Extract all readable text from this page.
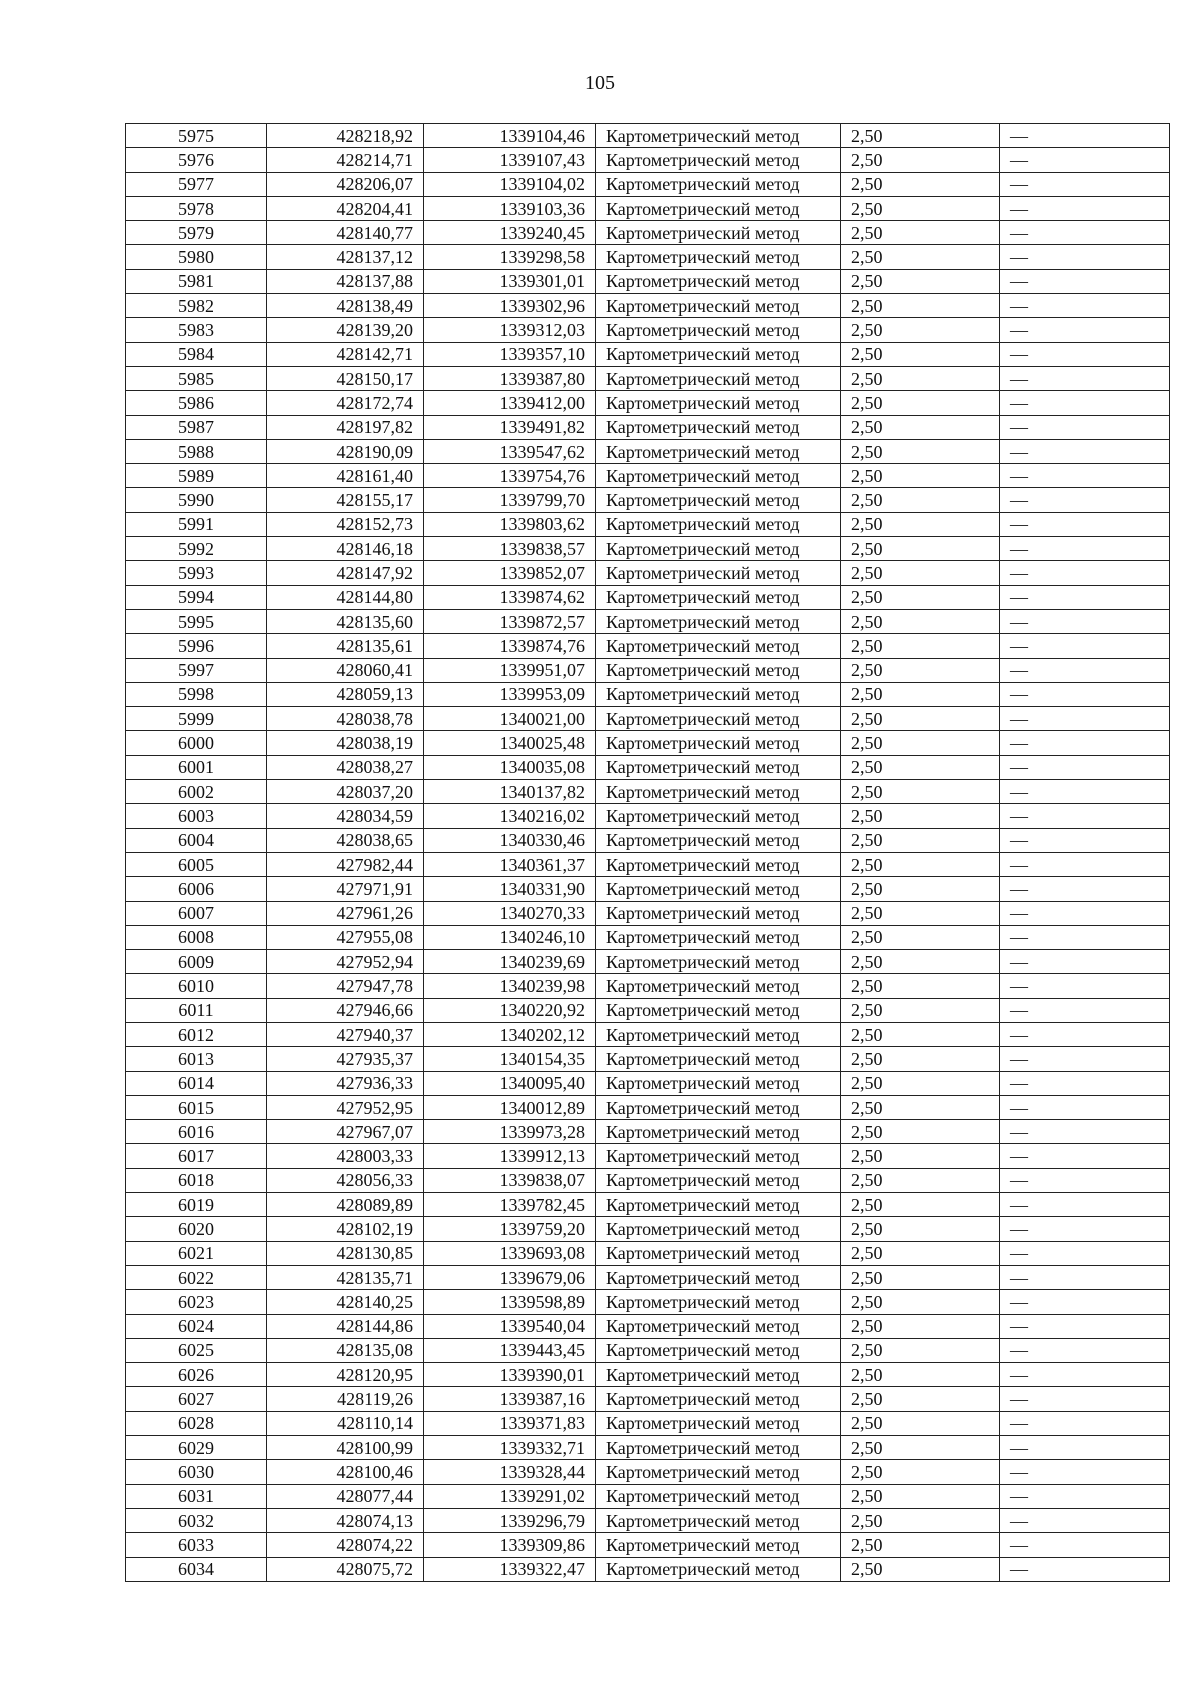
105
5975	428218,92	1339104,46	Картометрический метод	2,50	—
5976	428214,71	1339107,43	Картометрический метод	2,50	—
5977	428206,07	1339104,02	Картометрический метод	2,50	—
5978	428204,41	1339103,36	Картометрический метод	2,50	—
5979	428140,77	1339240,45	Картометрический метод	2,50	—
5980	428137,12	1339298,58	Картометрический метод	2,50	—
5981	428137,88	1339301,01	Картометрический метод	2,50	—
5982	428138,49	1339302,96	Картометрический метод	2,50	—
5983	428139,20	1339312,03	Картометрический метод	2,50	—
5984	428142,71	1339357,10	Картометрический метод	2,50	—
5985	428150,17	1339387,80	Картометрический метод	2,50	—
5986	428172,74	1339412,00	Картометрический метод	2,50	—
5987	428197,82	1339491,82	Картометрический метод	2,50	—
5988	428190,09	1339547,62	Картометрический метод	2,50	—
5989	428161,40	1339754,76	Картометрический метод	2,50	—
5990	428155,17	1339799,70	Картометрический метод	2,50	—
5991	428152,73	1339803,62	Картометрический метод	2,50	—
5992	428146,18	1339838,57	Картометрический метод	2,50	—
5993	428147,92	1339852,07	Картометрический метод	2,50	—
5994	428144,80	1339874,62	Картометрический метод	2,50	—
5995	428135,60	1339872,57	Картометрический метод	2,50	—
5996	428135,61	1339874,76	Картометрический метод	2,50	—
5997	428060,41	1339951,07	Картометрический метод	2,50	—
5998	428059,13	1339953,09	Картометрический метод	2,50	—
5999	428038,78	1340021,00	Картометрический метод	2,50	—
6000	428038,19	1340025,48	Картометрический метод	2,50	—
6001	428038,27	1340035,08	Картометрический метод	2,50	—
6002	428037,20	1340137,82	Картометрический метод	2,50	—
6003	428034,59	1340216,02	Картометрический метод	2,50	—
6004	428038,65	1340330,46	Картометрический метод	2,50	—
6005	427982,44	1340361,37	Картометрический метод	2,50	—
6006	427971,91	1340331,90	Картометрический метод	2,50	—
6007	427961,26	1340270,33	Картометрический метод	2,50	—
6008	427955,08	1340246,10	Картометрический метод	2,50	—
6009	427952,94	1340239,69	Картометрический метод	2,50	—
6010	427947,78	1340239,98	Картометрический метод	2,50	—
6011	427946,66	1340220,92	Картометрический метод	2,50	—
6012	427940,37	1340202,12	Картометрический метод	2,50	—
6013	427935,37	1340154,35	Картометрический метод	2,50	—
6014	427936,33	1340095,40	Картометрический метод	2,50	—
6015	427952,95	1340012,89	Картометрический метод	2,50	—
6016	427967,07	1339973,28	Картометрический метод	2,50	—
6017	428003,33	1339912,13	Картометрический метод	2,50	—
6018	428056,33	1339838,07	Картометрический метод	2,50	—
6019	428089,89	1339782,45	Картометрический метод	2,50	—
6020	428102,19	1339759,20	Картометрический метод	2,50	—
6021	428130,85	1339693,08	Картометрический метод	2,50	—
6022	428135,71	1339679,06	Картометрический метод	2,50	—
6023	428140,25	1339598,89	Картометрический метод	2,50	—
6024	428144,86	1339540,04	Картометрический метод	2,50	—
6025	428135,08	1339443,45	Картометрический метод	2,50	—
6026	428120,95	1339390,01	Картометрический метод	2,50	—
6027	428119,26	1339387,16	Картометрический метод	2,50	—
6028	428110,14	1339371,83	Картометрический метод	2,50	—
6029	428100,99	1339332,71	Картометрический метод	2,50	—
6030	428100,46	1339328,44	Картометрический метод	2,50	—
6031	428077,44	1339291,02	Картометрический метод	2,50	—
6032	428074,13	1339296,79	Картометрический метод	2,50	—
6033	428074,22	1339309,86	Картометрический метод	2,50	—
6034	428075,72	1339322,47	Картометрический метод	2,50	—
